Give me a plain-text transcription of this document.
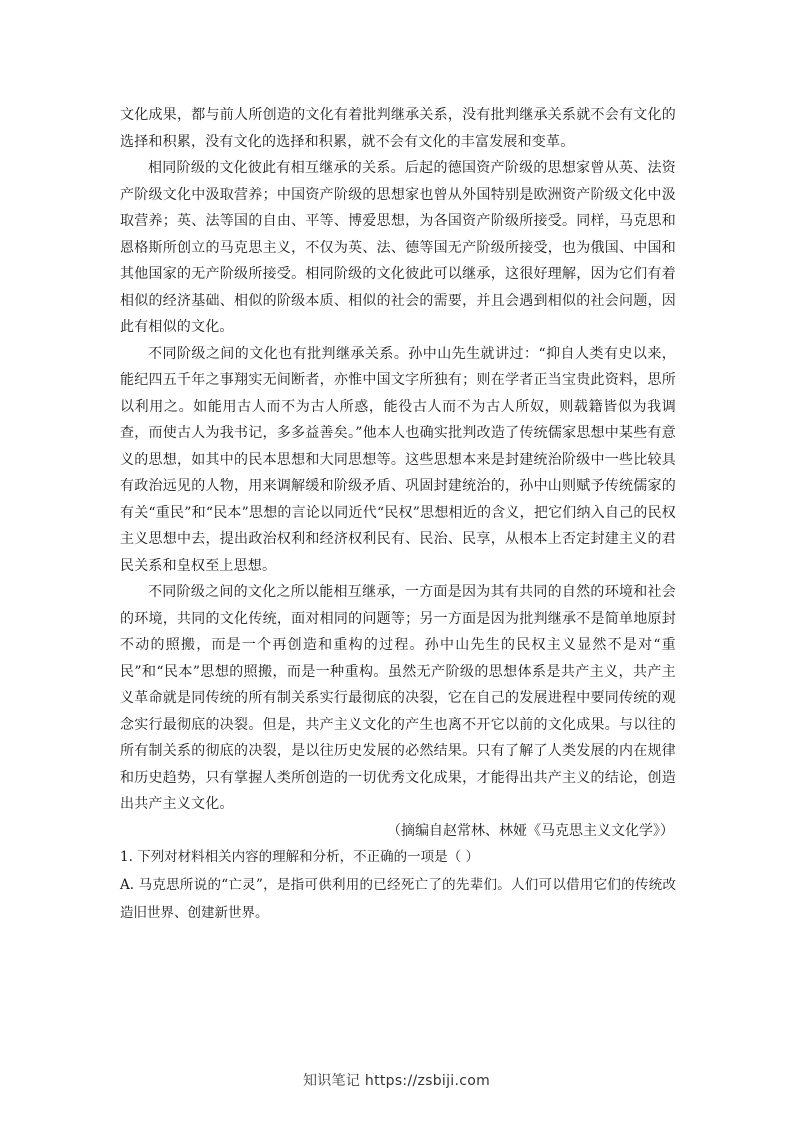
文化成果，都与前人所创造的文化有着批判继承关系，没有批判继承关系就不会有文化的选择和积累，没有文化的选择和积累，就不会有文化的丰富发展和变革。

相同阶级的文化彼此有相互继承的关系。后起的德国资产阶级的思想家曾从英、法资产阶级文化中汲取营养；中国资产阶级的思想家也曾从外国特别是欧洲资产阶级文化中汲取营养；英、法等国的自由、平等、博爱思想，为各国资产阶级所接受。同样，马克思和恩格斯所创立的马克思主义，不仅为英、法、德等国无产阶级所接受，也为俄国、中国和其他国家的无产阶级所接受。相同阶级的文化彼此可以继承，这很好理解，因为它们有着相似的经济基础、相似的阶级本质、相似的社会的需要，并且会遇到相似的社会问题，因此有相似的文化。

不同阶级之间的文化也有批判继承关系。孙中山先生就讲过：“抑自人类有史以来，能纪四五千年之事翔实无间断者，亦惟中国文字所独有；则在学者正当宝贵此资料，思所以利用之。如能用古人而不为古人所惑，能役古人而不为古人所奴，则载籍皆似为我调查，而使古人为我书记，多多益善矣。”他本人也确实批判改造了传统儒家思想中某些有意义的思想，如其中的民本思想和大同思想等。这些思想本来是封建统治阶级中一些比较具有政治远见的人物，用来调解缓和阶级矛盾、巩固封建统治的，孙中山则赋予传统儒家的有关“重民”和“民本”思想的言论以同近代“民权”思想相近的含义，把它们纳入自己的民权主义思想中去，提出政治权利和经济权利民有、民治、民享，从根本上否定封建主义的君民关系和皇权至上思想。

不同阶级之间的文化之所以能相互继承，一方面是因为其有共同的自然的环境和社会的环境，共同的文化传统，面对相同的问题等；另一方面是因为批判继承不是简单地原封不动的照搬，而是一个再创造和重构的过程。孙中山先生的民权主义显然不是对“重民”和“民本”思想的照搬，而是一种重构。虽然无产阶级的思想体系是共产主义，共产主义革命就是同传统的所有制关系实行最彻底的决裂，它在自己的发展进程中要同传统的观念实行最彻底的决裂。但是，共产主义文化的产生也离不开它以前的文化成果。与以往的所有制关系的彻底的决裂，是以往历史发展的必然结果。只有了解了人类发展的内在规律和历史趋势，只有掌握人类所创造的一切优秀文化成果，才能得出共产主义的结论，创造出共产主义文化。

（摘编自赵常林、林娅《马克思主义文化学》）

1. 下列对材料相关内容的理解和分析，不正确的一项是（ ）

A. 马克思所说的“亡灵”，是指可供利用的已经死亡了的先辈们。人们可以借用它们的传统改造旧世界、创建新世界。

知识笔记 https://zsbiji.com
